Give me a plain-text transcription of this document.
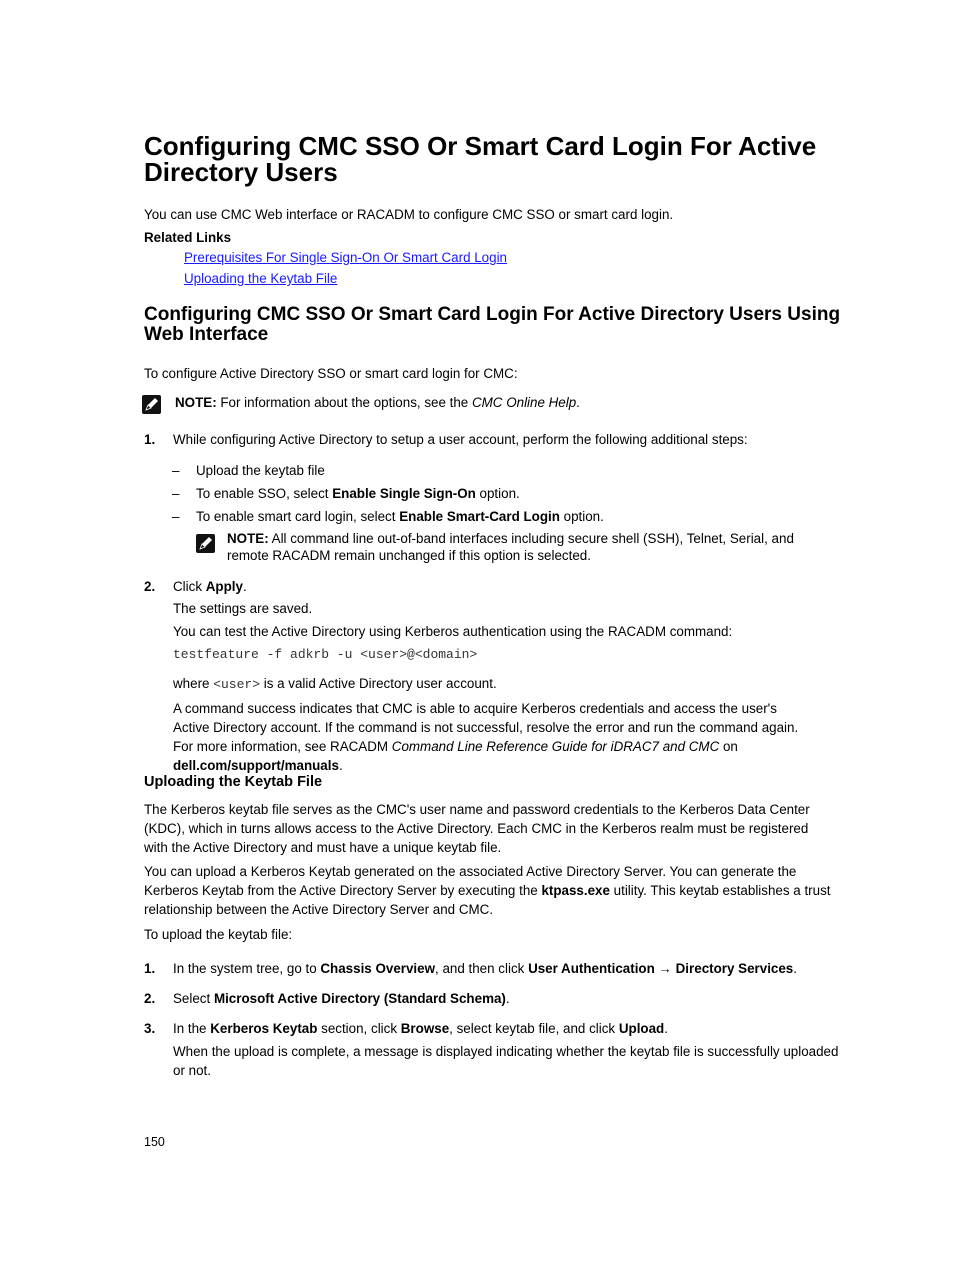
Configuring CMC SSO Or Smart Card Login For Active Directory Users

You can use CMC Web interface or RACADM to configure CMC SSO or smart card login.

Related Links

Prerequisites For Single Sign-On Or Smart Card Login
Uploading the Keytab File
Configuring CMC SSO Or Smart Card Login For Active Directory Users Using Web Interface

To configure Active Directory SSO or smart card login for CMC:

NOTE: For information about the options, see the CMC Online Help.

1. While configuring Active Directory to setup a user account, perform the following additional steps:

– Upload the keytab file

– To enable SSO, select Enable Single Sign-On option.

– To enable smart card login, select Enable Smart-Card Login option.

NOTE: All command line out-of-band interfaces including secure shell (SSH), Telnet, Serial, and remote RACADM remain unchanged if this option is selected.

2. Click Apply.

The settings are saved.

You can test the Active Directory using Kerberos authentication using the RACADM command:

testfeature -f adkrb -u <user>@<domain>

where <user> is a valid Active Directory user account.

A command success indicates that CMC is able to acquire Kerberos credentials and access the user's Active Directory account. If the command is not successful, resolve the error and run the command again. For more information, see RACADM Command Line Reference Guide for iDRAC7 and CMC on dell.com/support/manuals.

Uploading the Keytab File

The Kerberos keytab file serves as the CMC's user name and password credentials to the Kerberos Data Center (KDC), which in turns allows access to the Active Directory. Each CMC in the Kerberos realm must be registered with the Active Directory and must have a unique keytab file.

You can upload a Kerberos Keytab generated on the associated Active Directory Server. You can generate the Kerberos Keytab from the Active Directory Server by executing the ktpass.exe utility. This keytab establishes a trust relationship between the Active Directory Server and CMC.

To upload the keytab file:

1. In the system tree, go to Chassis Overview, and then click User Authentication → Directory Services.

2. Select Microsoft Active Directory (Standard Schema).

3. In the Kerberos Keytab section, click Browse, select keytab file, and click Upload.

When the upload is complete, a message is displayed indicating whether the keytab file is successfully uploaded or not.

150
